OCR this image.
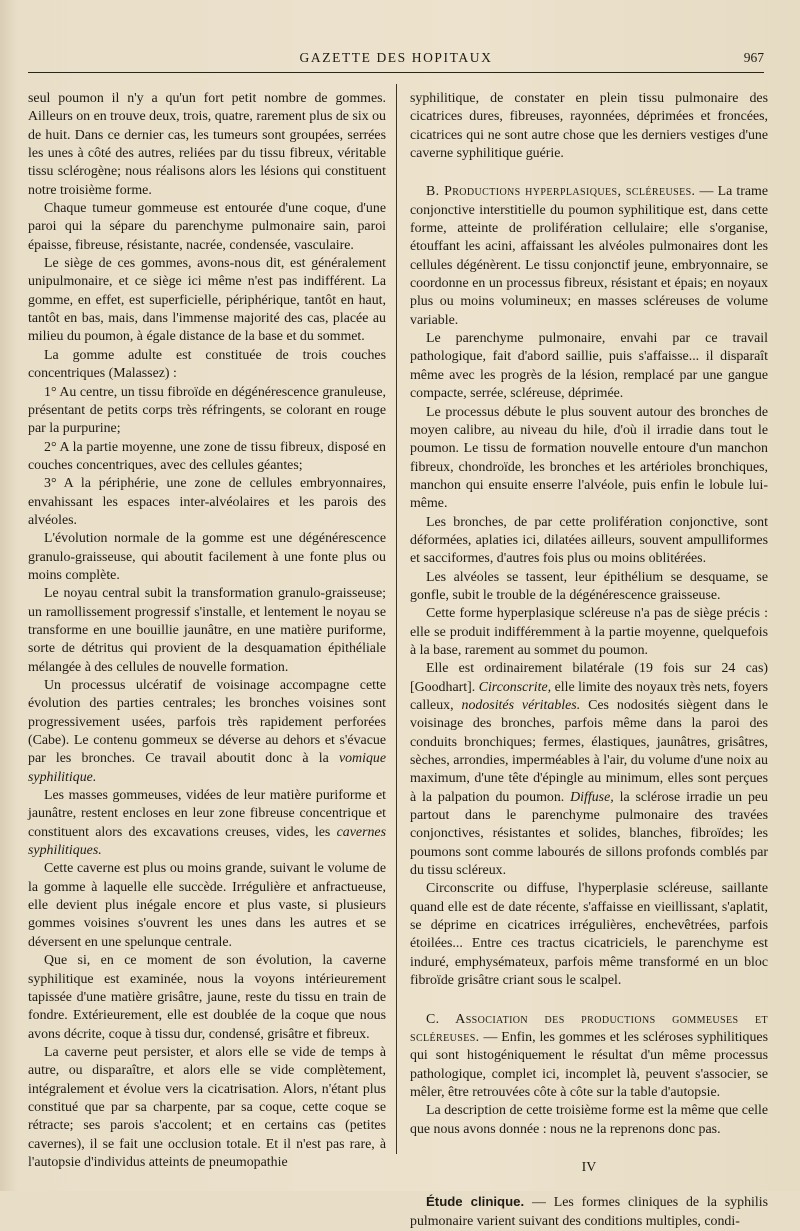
GAZETTE DES HOPITAUX	967

seul poumon il n'y a qu'un fort petit nombre de gommes. Ailleurs on en trouve deux, trois, quatre, rarement plus de six ou de huit. Dans ce dernier cas, les tumeurs sont groupées, serrées les unes à côté des autres, reliées par du tissu fibreux, véritable tissu sclérogène; nous réalisons alors les lésions qui constituent notre troisième forme.

Chaque tumeur gommeuse est entourée d'une coque, d'une paroi qui la sépare du parenchyme pulmonaire sain, paroi épaisse, fibreuse, résistante, nacrée, condensée, vasculaire.

Le siège de ces gommes, avons-nous dit, est généralement unipulmonaire, et ce siège ici même n'est pas indifférent. La gomme, en effet, est superficielle, périphérique, tantôt en haut, tantôt en bas, mais, dans l'immense majorité des cas, placée au milieu du poumon, à égale distance de la base et du sommet.

La gomme adulte est constituée de trois couches concentriques (Malassez) :

1° Au centre, un tissu fibroïde en dégénérescence granuleuse, présentant de petits corps très réfringents, se colorant en rouge par la purpurine;

2° A la partie moyenne, une zone de tissu fibreux, disposé en couches concentriques, avec des cellules géantes;

3° A la périphérie, une zone de cellules embryonnaires, envahissant les espaces inter-alvéolaires et les parois des alvéoles.

L'évolution normale de la gomme est une dégénérescence granulo-graisseuse, qui aboutit facilement à une fonte plus ou moins complète.

Le noyau central subit la transformation granulo-graisseuse; un ramollissement progressif s'installe, et lentement le noyau se transforme en une bouillie jaunâtre, en une matière puriforme, sorte de détritus qui provient de la desquamation épithéliale mélangée à des cellules de nouvelle formation.

Un processus ulcératif de voisinage accompagne cette évolution des parties centrales; les bronches voisines sont progressivement usées, parfois très rapidement perforées (Cabe). Le contenu gommeux se déverse au dehors et s'évacue par les bronches. Ce travail aboutit donc à la vomique syphilitique.

Les masses gommeuses, vidées de leur matière puriforme et jaunâtre, restent encloses en leur zone fibreuse concentrique et constituent alors des excavations creuses, vides, les cavernes syphilitiques.

Cette caverne est plus ou moins grande, suivant le volume de la gomme à laquelle elle succède. Irrégulière et anfractueuse, elle devient plus inégale encore et plus vaste, si plusieurs gommes voisines s'ouvrent les unes dans les autres et se déversent en une spelunque centrale.

Que si, en ce moment de son évolution, la caverne syphilitique est examinée, nous la voyons intérieurement tapissée d'une matière grisâtre, jaune, reste du tissu en train de fondre. Extérieurement, elle est doublée de la coque que nous avons décrite, coque à tissu dur, condensé, grisâtre et fibreux.

La caverne peut persister, et alors elle se vide de temps à autre, ou disparaître, et alors elle se vide complètement, intégralement et évolue vers la cicatrisation. Alors, n'étant plus constitué que par sa charpente, par sa coque, cette coque se rétracte; ses parois s'accolent; et en certains cas (petites cavernes), il se fait une occlusion totale. Et il n'est pas rare, à l'autopsie d'individus atteints de pneumopathie

syphilitique, de constater en plein tissu pulmonaire des cicatrices dures, fibreuses, rayonnées, déprimées et froncées, cicatrices qui ne sont autre chose que les derniers vestiges d'une caverne syphilitique guérie.

B. Productions hyperplasiques, scléreuses. — La trame conjonctive interstitielle du poumon syphilitique est, dans cette forme, atteinte de prolifération cellulaire; elle s'organise, étouffant les acini, affaissant les alvéoles pulmonaires dont les cellules dégénèrent. Le tissu conjonctif jeune, embryonnaire, se coordonne en un processus fibreux, résistant et épais; en noyaux plus ou moins volumineux; en masses scléreuses de volume variable.

Le parenchyme pulmonaire, envahi par ce travail pathologique, fait d'abord saillie, puis s'affaisse... il disparaît même avec les progrès de la lésion, remplacé par une gangue compacte, serrée, scléreuse, déprimée.

Le processus débute le plus souvent autour des bronches de moyen calibre, au niveau du hile, d'où il irradie dans tout le poumon. Le tissu de formation nouvelle entoure d'un manchon fibreux, chondroïde, les bronches et les artérioles bronchiques, manchon qui ensuite enserre l'alvéole, puis enfin le lobule lui-même.

Les bronches, de par cette prolifération conjonctive, sont déformées, aplaties ici, dilatées ailleurs, souvent ampulliformes et sacciformes, d'autres fois plus ou moins oblitérées.

Les alvéoles se tassent, leur épithélium se desquame, se gonfle, subit le trouble de la dégénérescence graisseuse.

Cette forme hyperplasique scléreuse n'a pas de siège précis : elle se produit indifféremment à la partie moyenne, quelquefois à la base, rarement au sommet du poumon.

Elle est ordinairement bilatérale (19 fois sur 24 cas) [Goodhart]. Circonscrite, elle limite des noyaux très nets, foyers calleux, nodosités véritables. Ces nodosités siègent dans le voisinage des bronches, parfois même dans la paroi des conduits bronchiques; fermes, élastiques, jaunâtres, grisâtres, sèches, arrondies, imperméables à l'air, du volume d'une noix au maximum, d'une tête d'épingle au minimum, elles sont perçues à la palpation du poumon. Diffuse, la sclérose irradie un peu partout dans le parenchyme pulmonaire des travées conjonctives, résistantes et solides, blanches, fibroïdes; les poumons sont comme labourés de sillons profonds comblés par du tissu scléreux.

Circonscrite ou diffuse, l'hyperplasie scléreuse, saillante quand elle est de date récente, s'affaisse en vieillissant, s'aplatit, se déprime en cicatrices irrégulières, enchevêtrées, parfois étoilées... Entre ces tractus cicatriciels, le parenchyme est induré, emphysémateux, parfois même transformé en un bloc fibroïde grisâtre criant sous le scalpel.

C. Association des productions gommeuses et scléreuses. — Enfin, les gommes et les scléroses syphilitiques qui sont histogéniquement le résultat d'un même processus pathologique, complet ici, incomplet là, peuvent s'associer, se mêler, être retrouvées côte à côte sur la table d'autopsie.

La description de cette troisième forme est la même que celle que nous avons donnée : nous ne la reprenons donc pas.

IV

Étude clinique. — Les formes cliniques de la syphilis pulmonaire varient suivant des conditions multiples, condi-
